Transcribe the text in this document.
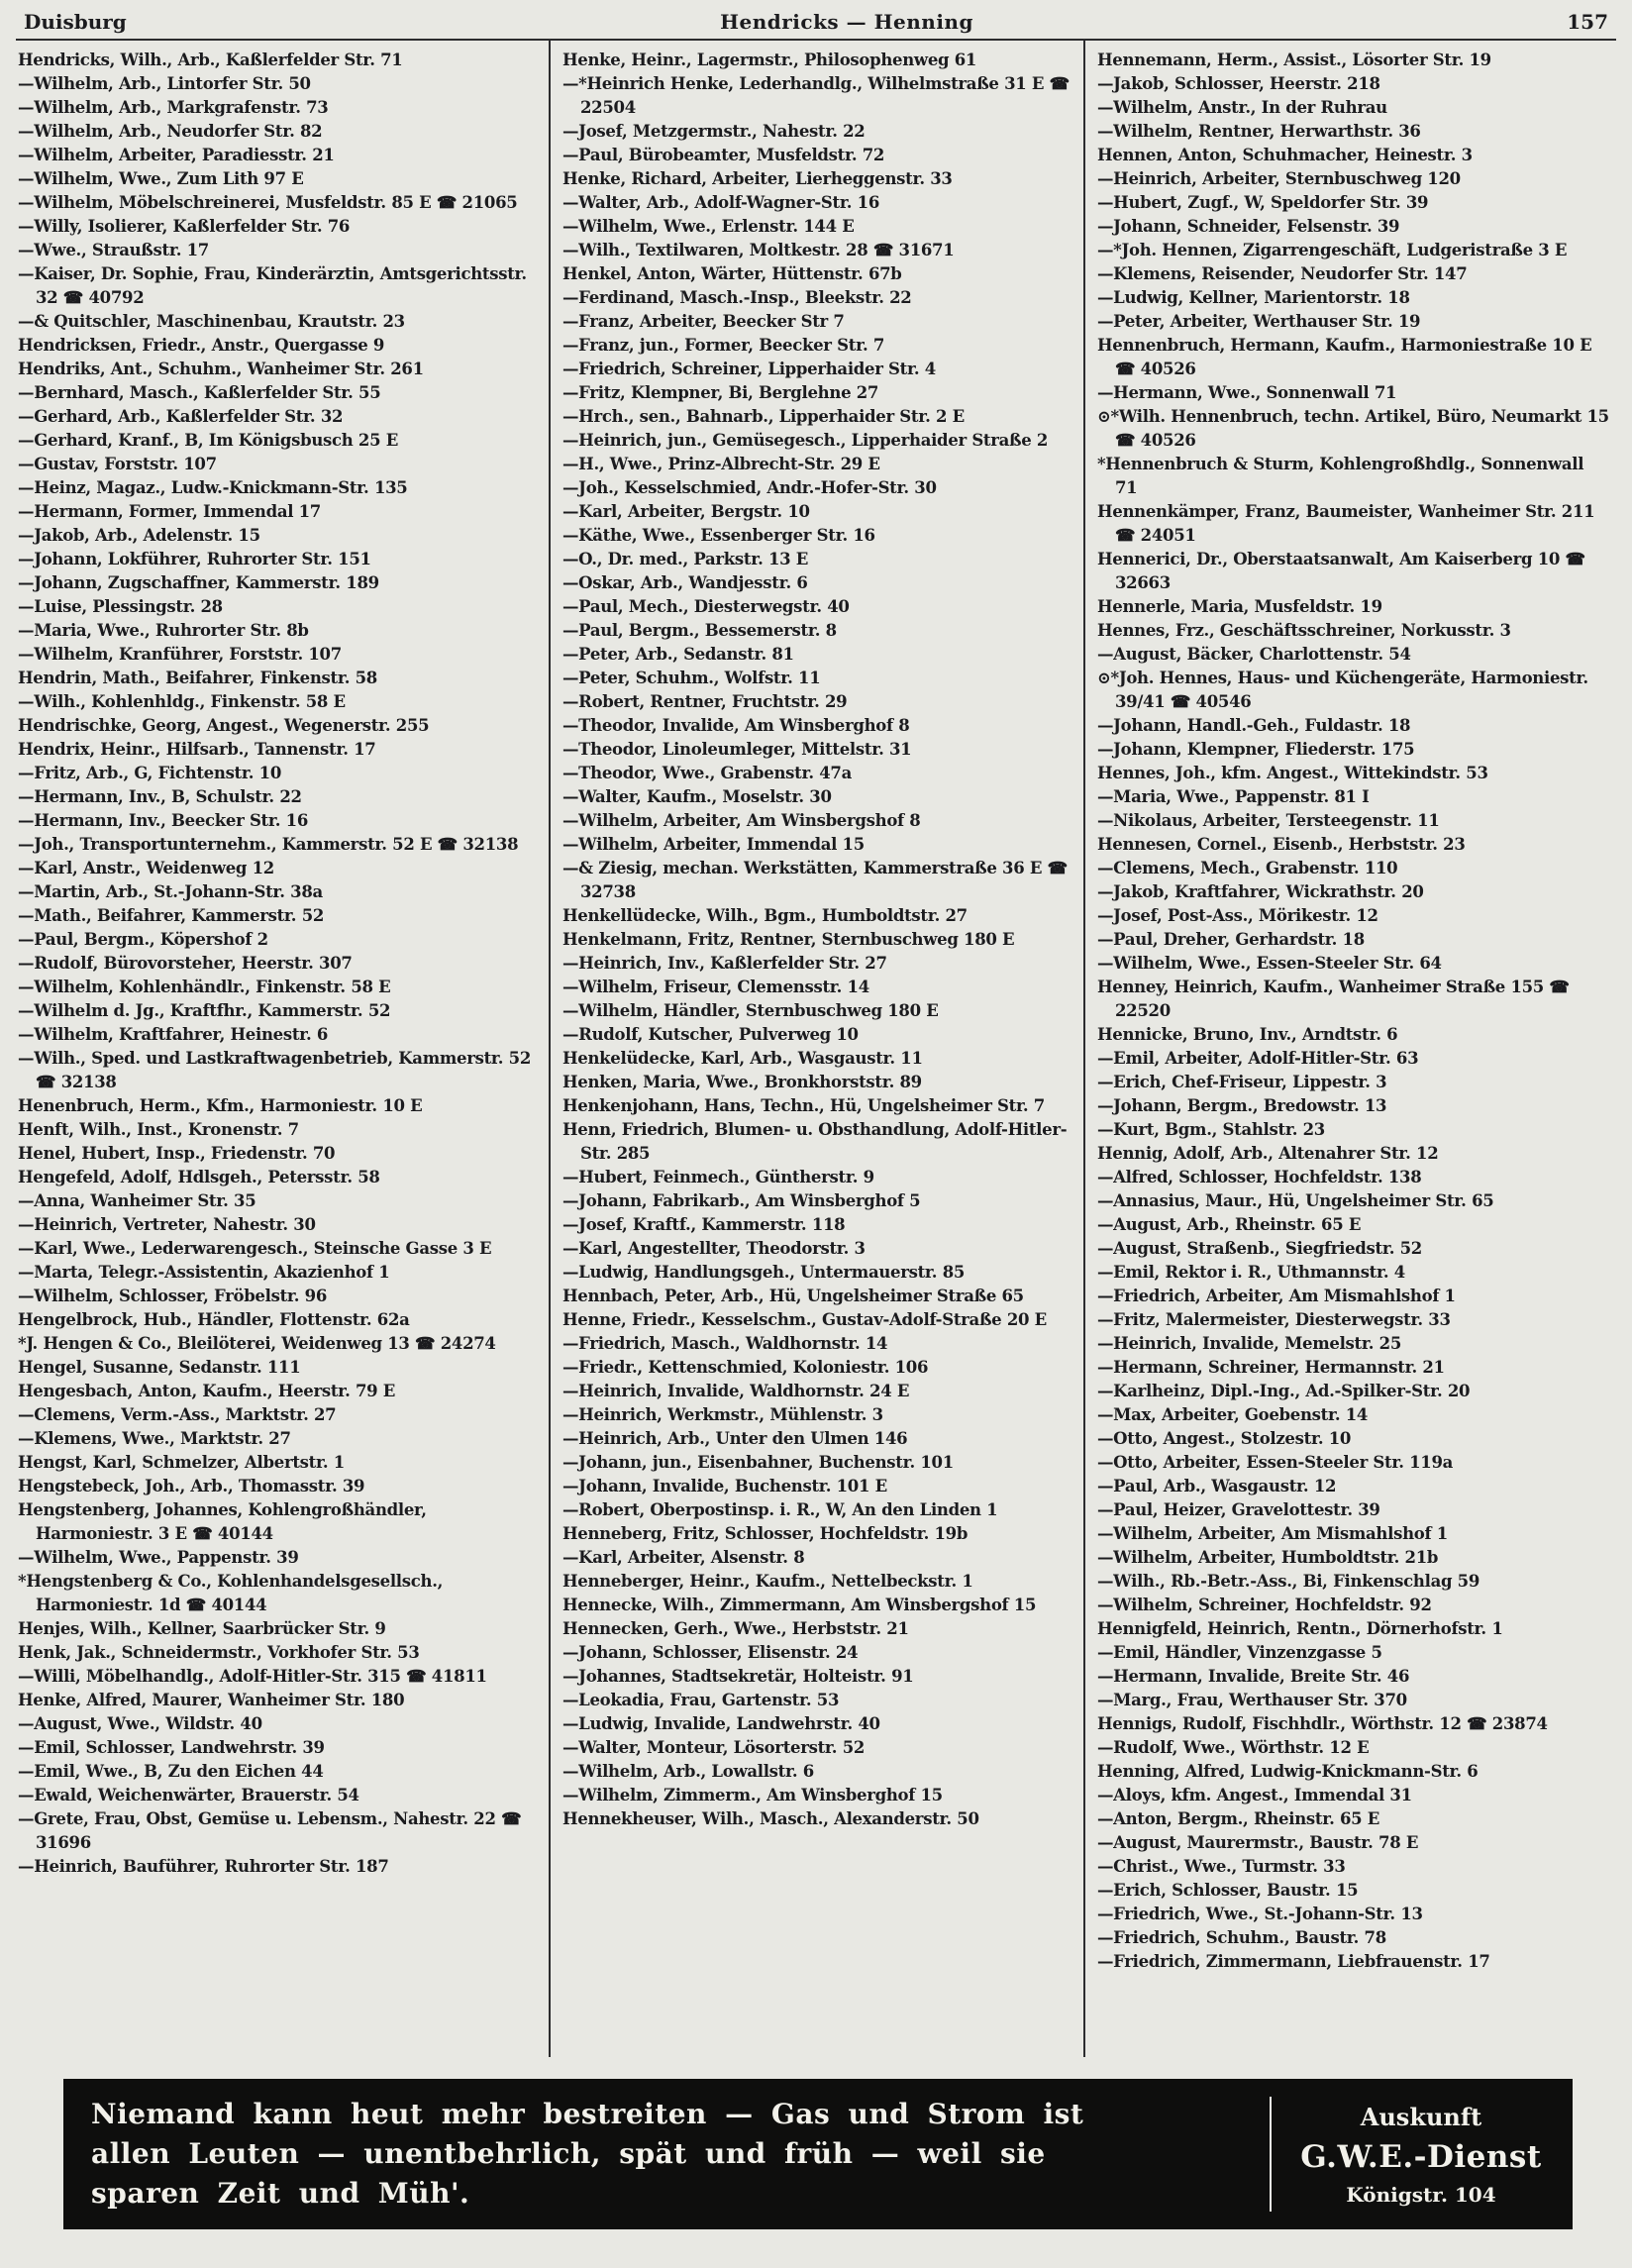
Duisburg	Hendricks — Henning	157

Hendricks, Wilh., Arb., Kaßlerfelder Str. 71

—Wilhelm, Arb., Lintorfer Str. 50

—Wilhelm, Arb., Markgrafenstr. 73

—Wilhelm, Arb., Neudorfer Str. 82

—Wilhelm, Arbeiter, Paradiesstr. 21

—Wilhelm, Wwe., Zum Lith 97 E

—Wilhelm, Möbelschreinerei, Musfeldstr. 85 E ☎ 21065

—Willy, Isolierer, Kaßlerfelder Str. 76

—Wwe., Straußstr. 17

—Kaiser, Dr. Sophie, Frau, Kinderärztin, Amtsgerichtsstr. 32 ☎ 40792

—& Quitschler, Maschinenbau, Krautstr. 23

Hendricksen, Friedr., Anstr., Quergasse 9

Hendriks, Ant., Schuhm., Wanheimer Str. 261

—Bernhard, Masch., Kaßlerfelder Str. 55

—Gerhard, Arb., Kaßlerfelder Str. 32

—Gerhard, Kranf., B, Im Königsbusch 25 E

—Gustav, Forststr. 107

—Heinz, Magaz., Ludw.-Knickmann-Str. 135

—Hermann, Former, Immendal 17

—Jakob, Arb., Adelenstr. 15

—Johann, Lokführer, Ruhrorter Str. 151

—Johann, Zugschaffner, Kammerstr. 189

—Luise, Plessingstr. 28

—Maria, Wwe., Ruhrorter Str. 8b

—Wilhelm, Kranführer, Forststr. 107

Hendrin, Math., Beifahrer, Finkenstr. 58

—Wilh., Kohlenhldg., Finkenstr. 58 E

Hendrischke, Georg, Angest., Wegenerstr. 255

Hendrix, Heinr., Hilfsarb., Tannenstr. 17

—Fritz, Arb., G, Fichtenstr. 10

—Hermann, Inv., B, Schulstr. 22

—Hermann, Inv., Beecker Str. 16

—Joh., Transportunternehm., Kammerstr. 52 E ☎ 32138

—Karl, Anstr., Weidenweg 12

—Martin, Arb., St.-Johann-Str. 38a

—Math., Beifahrer, Kammerstr. 52

—Paul, Bergm., Köpershof 2

—Rudolf, Bürovorsteher, Heerstr. 307

—Wilhelm, Kohlenhändlr., Finkenstr. 58 E

—Wilhelm d. Jg., Kraftfhr., Kammerstr. 52

—Wilhelm, Kraftfahrer, Heinestr. 6

—Wilh., Sped. und Lastkraftwagenbetrieb, Kammerstr. 52 ☎ 32138

Henenbruch, Herm., Kfm., Harmoniestr. 10 E

Henft, Wilh., Inst., Kronenstr. 7

Henel, Hubert, Insp., Friedenstr. 70

Hengefeld, Adolf, Hdlsgeh., Petersstr. 58

—Anna, Wanheimer Str. 35

—Heinrich, Vertreter, Nahestr. 30

—Karl, Wwe., Lederwarengesch., Steinsche Gasse 3 E

—Marta, Telegr.-Assistentin, Akazienhof 1

—Wilhelm, Schlosser, Fröbelstr. 96

Hengelbrock, Hub., Händler, Flottenstr. 62a

*J. Hengen & Co., Bleilöterei, Weidenweg 13 ☎ 24274

Hengel, Susanne, Sedanstr. 111

Hengesbach, Anton, Kaufm., Heerstr. 79 E

—Clemens, Verm.-Ass., Marktstr. 27

—Klemens, Wwe., Marktstr. 27

Hengst, Karl, Schmelzer, Albertstr. 1

Hengstebeck, Joh., Arb., Thomasstr. 39

Hengstenberg, Johannes, Kohlengroßhändler, Harmoniestr. 3 E ☎ 40144

—Wilhelm, Wwe., Pappenstr. 39

*Hengstenberg & Co., Kohlenhandelsgesellsch., Harmoniestr. 1d ☎ 40144

Henjes, Wilh., Kellner, Saarbrücker Str. 9

Henk, Jak., Schneidermstr., Vorkhofer Str. 53

—Willi, Möbelhandlg., Adolf-Hitler-Str. 315 ☎ 41811

Henke, Alfred, Maurer, Wanheimer Str. 180

—August, Wwe., Wildstr. 40

—Emil, Schlosser, Landwehrstr. 39

—Emil, Wwe., B, Zu den Eichen 44

—Ewald, Weichenwärter, Brauerstr. 54

—Grete, Frau, Obst, Gemüse u. Lebensm., Nahestr. 22 ☎ 31696

—Heinrich, Bauführer, Ruhrorter Str. 187

Henke, Heinr., Lagermstr., Philosophenweg 61

—*Heinrich Henke, Lederhandlg., Wilhelmstraße 31 E ☎ 22504

—Josef, Metzgermstr., Nahestr. 22

—Paul, Bürobeamter, Musfeldstr. 72

Henke, Richard, Arbeiter, Lierheggenstr. 33

—Walter, Arb., Adolf-Wagner-Str. 16

—Wilhelm, Wwe., Erlenstr. 144 E

—Wilh., Textilwaren, Moltkestr. 28 ☎ 31671

Henkel, Anton, Wärter, Hüttenstr. 67b

—Ferdinand, Masch.-Insp., Bleekstr. 22

—Franz, Arbeiter, Beecker Str 7

—Franz, jun., Former, Beecker Str. 7

—Friedrich, Schreiner, Lipperhaider Str. 4

—Fritz, Klempner, Bi, Berglehne 27

—Hrch., sen., Bahnarb., Lipperhaider Str. 2 E

—Heinrich, jun., Gemüsegesch., Lipperhaider Straße 2

—H., Wwe., Prinz-Albrecht-Str. 29 E

—Joh., Kesselschmied, Andr.-Hofer-Str. 30

—Karl, Arbeiter, Bergstr. 10

—Käthe, Wwe., Essenberger Str. 16

—O., Dr. med., Parkstr. 13 E

—Oskar, Arb., Wandjesstr. 6

—Paul, Mech., Diesterwegstr. 40

—Paul, Bergm., Bessemerstr. 8

—Peter, Arb., Sedanstr. 81

—Peter, Schuhm., Wolfstr. 11

—Robert, Rentner, Fruchtstr. 29

—Theodor, Invalide, Am Winsberghof 8

—Theodor, Linoleumleger, Mittelstr. 31

—Theodor, Wwe., Grabenstr. 47a

—Walter, Kaufm., Moselstr. 30

—Wilhelm, Arbeiter, Am Winsbergshof 8

—Wilhelm, Arbeiter, Immendal 15

—& Ziesig, mechan. Werkstätten, Kammerstraße 36 E ☎ 32738

Henkellüdecke, Wilh., Bgm., Humboldtstr. 27

Henkelmann, Fritz, Rentner, Sternbuschweg 180 E

—Heinrich, Inv., Kaßlerfelder Str. 27

—Wilhelm, Friseur, Clemensstr. 14

—Wilhelm, Händler, Sternbuschweg 180 E

—Rudolf, Kutscher, Pulverweg 10

Henkelüdecke, Karl, Arb., Wasgaustr. 11

Henken, Maria, Wwe., Bronkhorststr. 89

Henkenjohann, Hans, Techn., Hü, Ungelsheimer Str. 7

Henn, Friedrich, Blumen- u. Obsthandlung, Adolf-Hitler-Str. 285

—Hubert, Feinmech., Güntherstr. 9

—Johann, Fabrikarb., Am Winsberghof 5

—Josef, Kraftf., Kammerstr. 118

—Karl, Angestellter, Theodorstr. 3

—Ludwig, Handlungsgeh., Untermauerstr. 85

Hennbach, Peter, Arb., Hü, Ungelsheimer Straße 65

Henne, Friedr., Kesselschm., Gustav-Adolf-Straße 20 E

—Friedrich, Masch., Waldhornstr. 14

—Friedr., Kettenschmied, Koloniestr. 106

—Heinrich, Invalide, Waldhornstr. 24 E

—Heinrich, Werkmstr., Mühlenstr. 3

—Heinrich, Arb., Unter den Ulmen 146

—Johann, jun., Eisenbahner, Buchenstr. 101

—Johann, Invalide, Buchenstr. 101 E

—Robert, Oberpostinsp. i. R., W, An den Linden 1

Henneberg, Fritz, Schlosser, Hochfeldstr. 19b

—Karl, Arbeiter, Alsenstr. 8

Henneberger, Heinr., Kaufm., Nettelbeckstr. 1

Hennecke, Wilh., Zimmermann, Am Winsbergshof 15

Hennecken, Gerh., Wwe., Herbststr. 21

—Johann, Schlosser, Elisenstr. 24

—Johannes, Stadtsekretär, Holteistr. 91

—Leokadia, Frau, Gartenstr. 53

—Ludwig, Invalide, Landwehrstr. 40

—Walter, Monteur, Lösorterstr. 52

—Wilhelm, Arb., Lowallstr. 6

—Wilhelm, Zimmerm., Am Winsberghof 15

Hennekheuser, Wilh., Masch., Alexanderstr. 50

Hennemann, Herm., Assist., Lösorter Str. 19

—Jakob, Schlosser, Heerstr. 218

—Wilhelm, Anstr., In der Ruhrau

—Wilhelm, Rentner, Herwarthstr. 36

Hennen, Anton, Schuhmacher, Heinestr. 3

—Heinrich, Arbeiter, Sternbuschweg 120

—Hubert, Zugf., W, Speldorfer Str. 39

—Johann, Schneider, Felsenstr. 39

—*Joh. Hennen, Zigarrengeschäft, Ludgeristraße 3 E

—Klemens, Reisender, Neudorfer Str. 147

—Ludwig, Kellner, Marientorstr. 18

—Peter, Arbeiter, Werthauser Str. 19

Hennenbruch, Hermann, Kaufm., Harmoniestraße 10 E ☎ 40526

—Hermann, Wwe., Sonnenwall 71

⊙*Wilh. Hennenbruch, techn. Artikel, Büro, Neumarkt 15 ☎ 40526

*Hennenbruch & Sturm, Kohlengroßhdlg., Sonnenwall 71

Hennenkämper, Franz, Baumeister, Wanheimer Str. 211 ☎ 24051

Hennerici, Dr., Oberstaatsanwalt, Am Kaiserberg 10 ☎ 32663

Hennerle, Maria, Musfeldstr. 19

Hennes, Frz., Geschäftsschreiner, Norkusstr. 3

—August, Bäcker, Charlottenstr. 54

⊙*Joh. Hennes, Haus- und Küchengeräte, Harmoniestr. 39/41 ☎ 40546

—Johann, Handl.-Geh., Fuldastr. 18

—Johann, Klempner, Fliederstr. 175

Hennes, Joh., kfm. Angest., Wittekindstr. 53

—Maria, Wwe., Pappenstr. 81 I

—Nikolaus, Arbeiter, Tersteegenstr. 11

Hennesen, Cornel., Eisenb., Herbststr. 23

—Clemens, Mech., Grabenstr. 110

—Jakob, Kraftfahrer, Wickrathstr. 20

—Josef, Post-Ass., Mörikestr. 12

—Paul, Dreher, Gerhardstr. 18

—Wilhelm, Wwe., Essen-Steeler Str. 64

Henney, Heinrich, Kaufm., Wanheimer Straße 155 ☎ 22520

Hennicke, Bruno, Inv., Arndtstr. 6

—Emil, Arbeiter, Adolf-Hitler-Str. 63

—Erich, Chef-Friseur, Lippestr. 3

—Johann, Bergm., Bredowstr. 13

—Kurt, Bgm., Stahlstr. 23

Hennig, Adolf, Arb., Altenahrer Str. 12

—Alfred, Schlosser, Hochfeldstr. 138

—Annasius, Maur., Hü, Ungelsheimer Str. 65

—August, Arb., Rheinstr. 65 E

—August, Straßenb., Siegfriedstr. 52

—Emil, Rektor i. R., Uthmannstr. 4

—Friedrich, Arbeiter, Am Mismahlshof 1

—Fritz, Malermeister, Diesterwegstr. 33

—Heinrich, Invalide, Memelstr. 25

—Hermann, Schreiner, Hermannstr. 21

—Karlheinz, Dipl.-Ing., Ad.-Spilker-Str. 20

—Max, Arbeiter, Goebenstr. 14

—Otto, Angest., Stolzestr. 10

—Otto, Arbeiter, Essen-Steeler Str. 119a

—Paul, Arb., Wasgaustr. 12

—Paul, Heizer, Gravelottestr. 39

—Wilhelm, Arbeiter, Am Mismahlshof 1

—Wilhelm, Arbeiter, Humboldtstr. 21b

—Wilh., Rb.-Betr.-Ass., Bi, Finkenschlag 59

—Wilhelm, Schreiner, Hochfeldstr. 92

Hennigfeld, Heinrich, Rentn., Dörnerhofstr. 1

—Emil, Händler, Vinzenzgasse 5

—Hermann, Invalide, Breite Str. 46

—Marg., Frau, Werthauser Str. 370

Hennigs, Rudolf, Fischhdlr., Wörthstr. 12 ☎ 23874

—Rudolf, Wwe., Wörthstr. 12 E

Henning, Alfred, Ludwig-Knickmann-Str. 6

—Aloys, kfm. Angest., Immendal 31

—Anton, Bergm., Rheinstr. 65 E

—August, Maurermstr., Baustr. 78 E

—Christ., Wwe., Turmstr. 33

—Erich, Schlosser, Baustr. 15

—Friedrich, Wwe., St.-Johann-Str. 13

—Friedrich, Schuhm., Baustr. 78

—Friedrich, Zimmermann, Liebfrauenstr. 17

Niemand kann heut mehr bestreiten — Gas und Strom ist
allen Leuten — unentbehrlich, spät und früh — weil sie
sparen Zeit und Müh'.
Auskunft
G.W.E.-Dienst
Königstr. 104
